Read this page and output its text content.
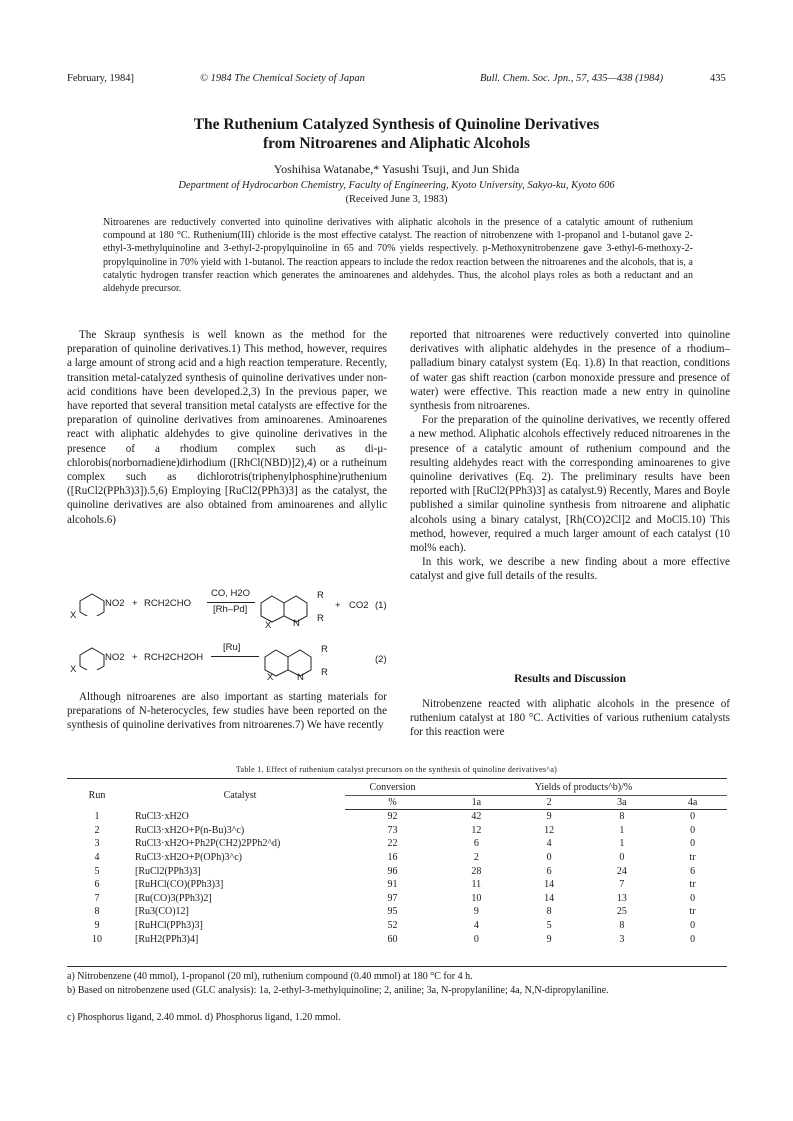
February, 1984]	© 1984 The Chemical Society of Japan	Bull. Chem. Soc. Jpn., 57, 435—438 (1984)	435
The Ruthenium Catalyzed Synthesis of Quinoline Derivatives
from Nitroarenes and Aliphatic Alcohols
Yoshihisa Watanabe,* Yasushi Tsuji, and Jun Shida
Department of Hydrocarbon Chemistry, Faculty of Engineering, Kyoto University, Sakyo-ku, Kyoto 606
(Received June 3, 1983)

Nitroarenes are reductively converted into quinoline derivatives with aliphatic alcohols in the presence of a catalytic amount of ruthenium compound at 180 °C. Ruthenium(III) chloride is the most effective catalyst. The reaction of nitrobenzene with 1-propanol and 1-butanol gave 2-ethyl-3-methylquinoline and 3-ethyl-2-propylquinoline in 65 and 70% yields respectively. p-Methoxynitrobenzene gave 3-ethyl-6-methoxy-2-propylquinoline in 70% yield with 1-butanol. The reaction appears to include the redox reaction between the nitroarenes and the alcohols, that is, a catalytic hydrogen transfer reaction which generates the aminoarenes and aldehydes. Thus, the alcohol plays roles as both a reductant and an aldehyde precursor.

The Skraup synthesis is well known as the method for the preparation of quinoline derivatives.1) This method, however, requires a large amount of strong acid and a high reaction temperature. Recently, transition metal-catalyzed synthesis of quinoline derivatives under non-acid conditions have been developed.2,3) In the previous paper, we have reported that several transition metal catalysts are effective for the preparation of quinoline derivatives from aminoarenes. Aminoarenes react with aliphatic aldehydes to give quinoline derivatives in the presence of a rhodium complex such as di-μ-chlorobis(norbornadiene)dirhodium ([RhCl(NBD)]2),4) or a rutheinum complex such as dichlorotris(triphenylphosphine)ruthenium ([RuCl2(PPh3)3]).5,6) Employing [RuCl2(PPh3)3] as the catalyst, the quinoline derivatives are also obtained from aminoarenes and allylic alcohols.6)

X
NO2 + RCH2CHO
CO, H2O
[Rh–Pd]
R
R
N
X
+ CO2 (1)
X
NO2 + RCH2CH2OH
[Ru]	R
R
N
X
(2)

Although nitroarenes are also important as starting materials for preparations of N-heterocycles, few studies have been reported on the synthesis of quinoline derivatives from nitroarenes.7) We have recently

reported that nitroarenes were reductively converted into quinoline derivatives with aliphatic aldehydes in the presence of a rhodium–palladium binary catalyst system (Eq. 1).8) In that reaction, conditions of water gas shift reaction (carbon monoxide pressure and presence of water) were effective. This reaction made a new entry in quinoline synthesis from nitroarenes.

For the preparation of the quinoline derivatives, we recently offered a new method. Aliphatic alcohols effectively reduced nitroarenes in the presence of a catalytic amount of ruthenium compound and the resulting aldehydes react with the corresponding aminoarenes to give quinoline derivatives (Eq. 2). The preliminary results have been reported with [RuCl2(PPh3)3] as catalyst.9) Recently, Mares and Boyle published a similar quinoline synthesis from nitroarene and aliphatic alcohols using a binary catalyst, [Rh(CO)2Cl]2 and MoCl5.10) This method, however, required a much larger amount of each catalyst (10 mol% each).

In this work, we describe a new finding about a more effective catalyst and give full details of the results.

Results and Discussion

Nitrobenzene reacted with aliphatic alcohols in the presence of ruthenium catalyst at 180 °C. Activities of various ruthenium catalysts for this reaction were

Table 1. Effect of ruthenium catalyst precursors on the synthesis of quinoline derivatives^a)
Run	Catalyst	Conversion	Yields of products^b)/%			
		%	1a	2	3a	4a
1	RuCl3·xH2O	92	42	9	8	0
2	RuCl3·xH2O+P(n-Bu)3^c)	73	12	12	1	0
3	RuCl3·xH2O+Ph2P(CH2)2PPh2^d)	22	6	4	1	0
4	RuCl3·xH2O+P(OPh)3^c)	16	2	0	0	tr
5	[RuCl2(PPh3)3]	96	28	6	24	6
6	[RuHCl(CO)(PPh3)3]	91	11	14	7	tr
7	[Ru(CO)3(PPh3)2]	97	10	14	13	0
8	[Ru3(CO)12]	95	9	8	25	tr
9	[RuHCl(PPh3)3]	52	4	5	8	0
10	[RuH2(PPh3)4]	60	0	9	3	0
a) Nitrobenzene (40 mmol), 1-propanol (20 ml), ruthenium compound (0.40 mmol) at 180 °C for 4 h.
b) Based on nitrobenzene used (GLC analysis): 1a, 2-ethyl-3-methylquinoline; 2, aniline; 3a, N-propylaniline; 4a, N,N-dipropylaniline.
c) Phosphorus ligand, 2.40 mmol. d) Phosphorus ligand, 1.20 mmol.
